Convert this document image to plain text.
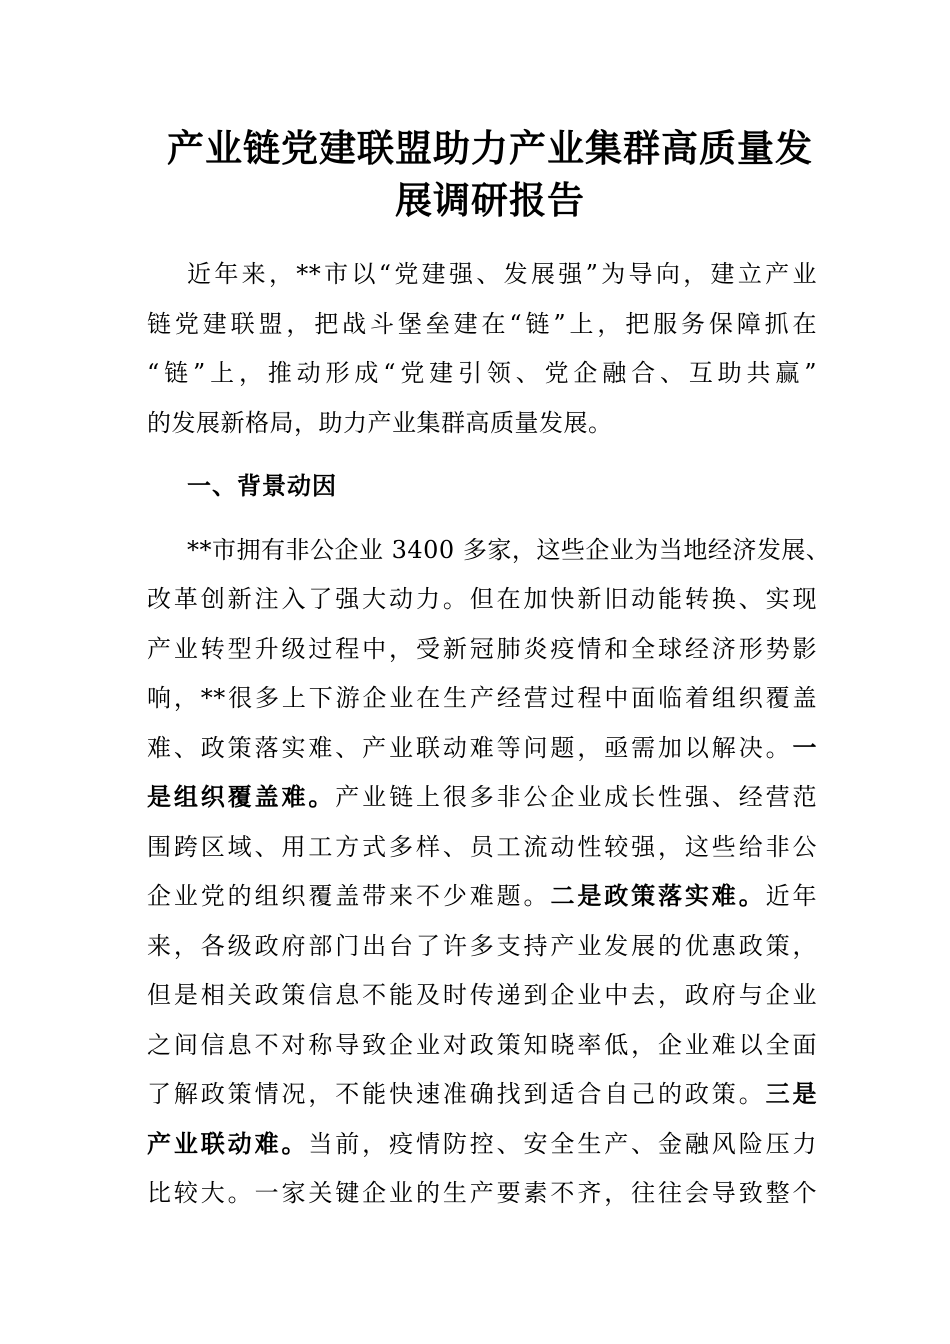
产业链党建联盟助力产业集群高质量发
展调研报告
近年来，**市以“党建强、发展强”为导向，建立产业
链党建联盟，把战斗堡垒建在“链”上，把服务保障抓在
“链”上，推动形成“党建引领、党企融合、互助共赢”
的发展新格局，助力产业集群高质量发展。
一、背景动因
**市拥有非公企业 3400 多家，这些企业为当地经济发展、
改革创新注入了强大动力。但在加快新旧动能转换、实现
产业转型升级过程中，受新冠肺炎疫情和全球经济形势影
响，**很多上下游企业在生产经营过程中面临着组织覆盖
难、政策落实难、产业联动难等问题，亟需加以解决。一
是组织覆盖难。产业链上很多非公企业成长性强、经营范
围跨区域、用工方式多样、员工流动性较强，这些给非公
企业党的组织覆盖带来不少难题。二是政策落实难。近年
来，各级政府部门出台了许多支持产业发展的优惠政策，
但是相关政策信息不能及时传递到企业中去，政府与企业
之间信息不对称导致企业对政策知晓率低，企业难以全面
了解政策情况，不能快速准确找到适合自己的政策。三是
产业联动难。当前，疫情防控、安全生产、金融风险压力
比较大。一家关键企业的生产要素不齐，往往会导致整个
